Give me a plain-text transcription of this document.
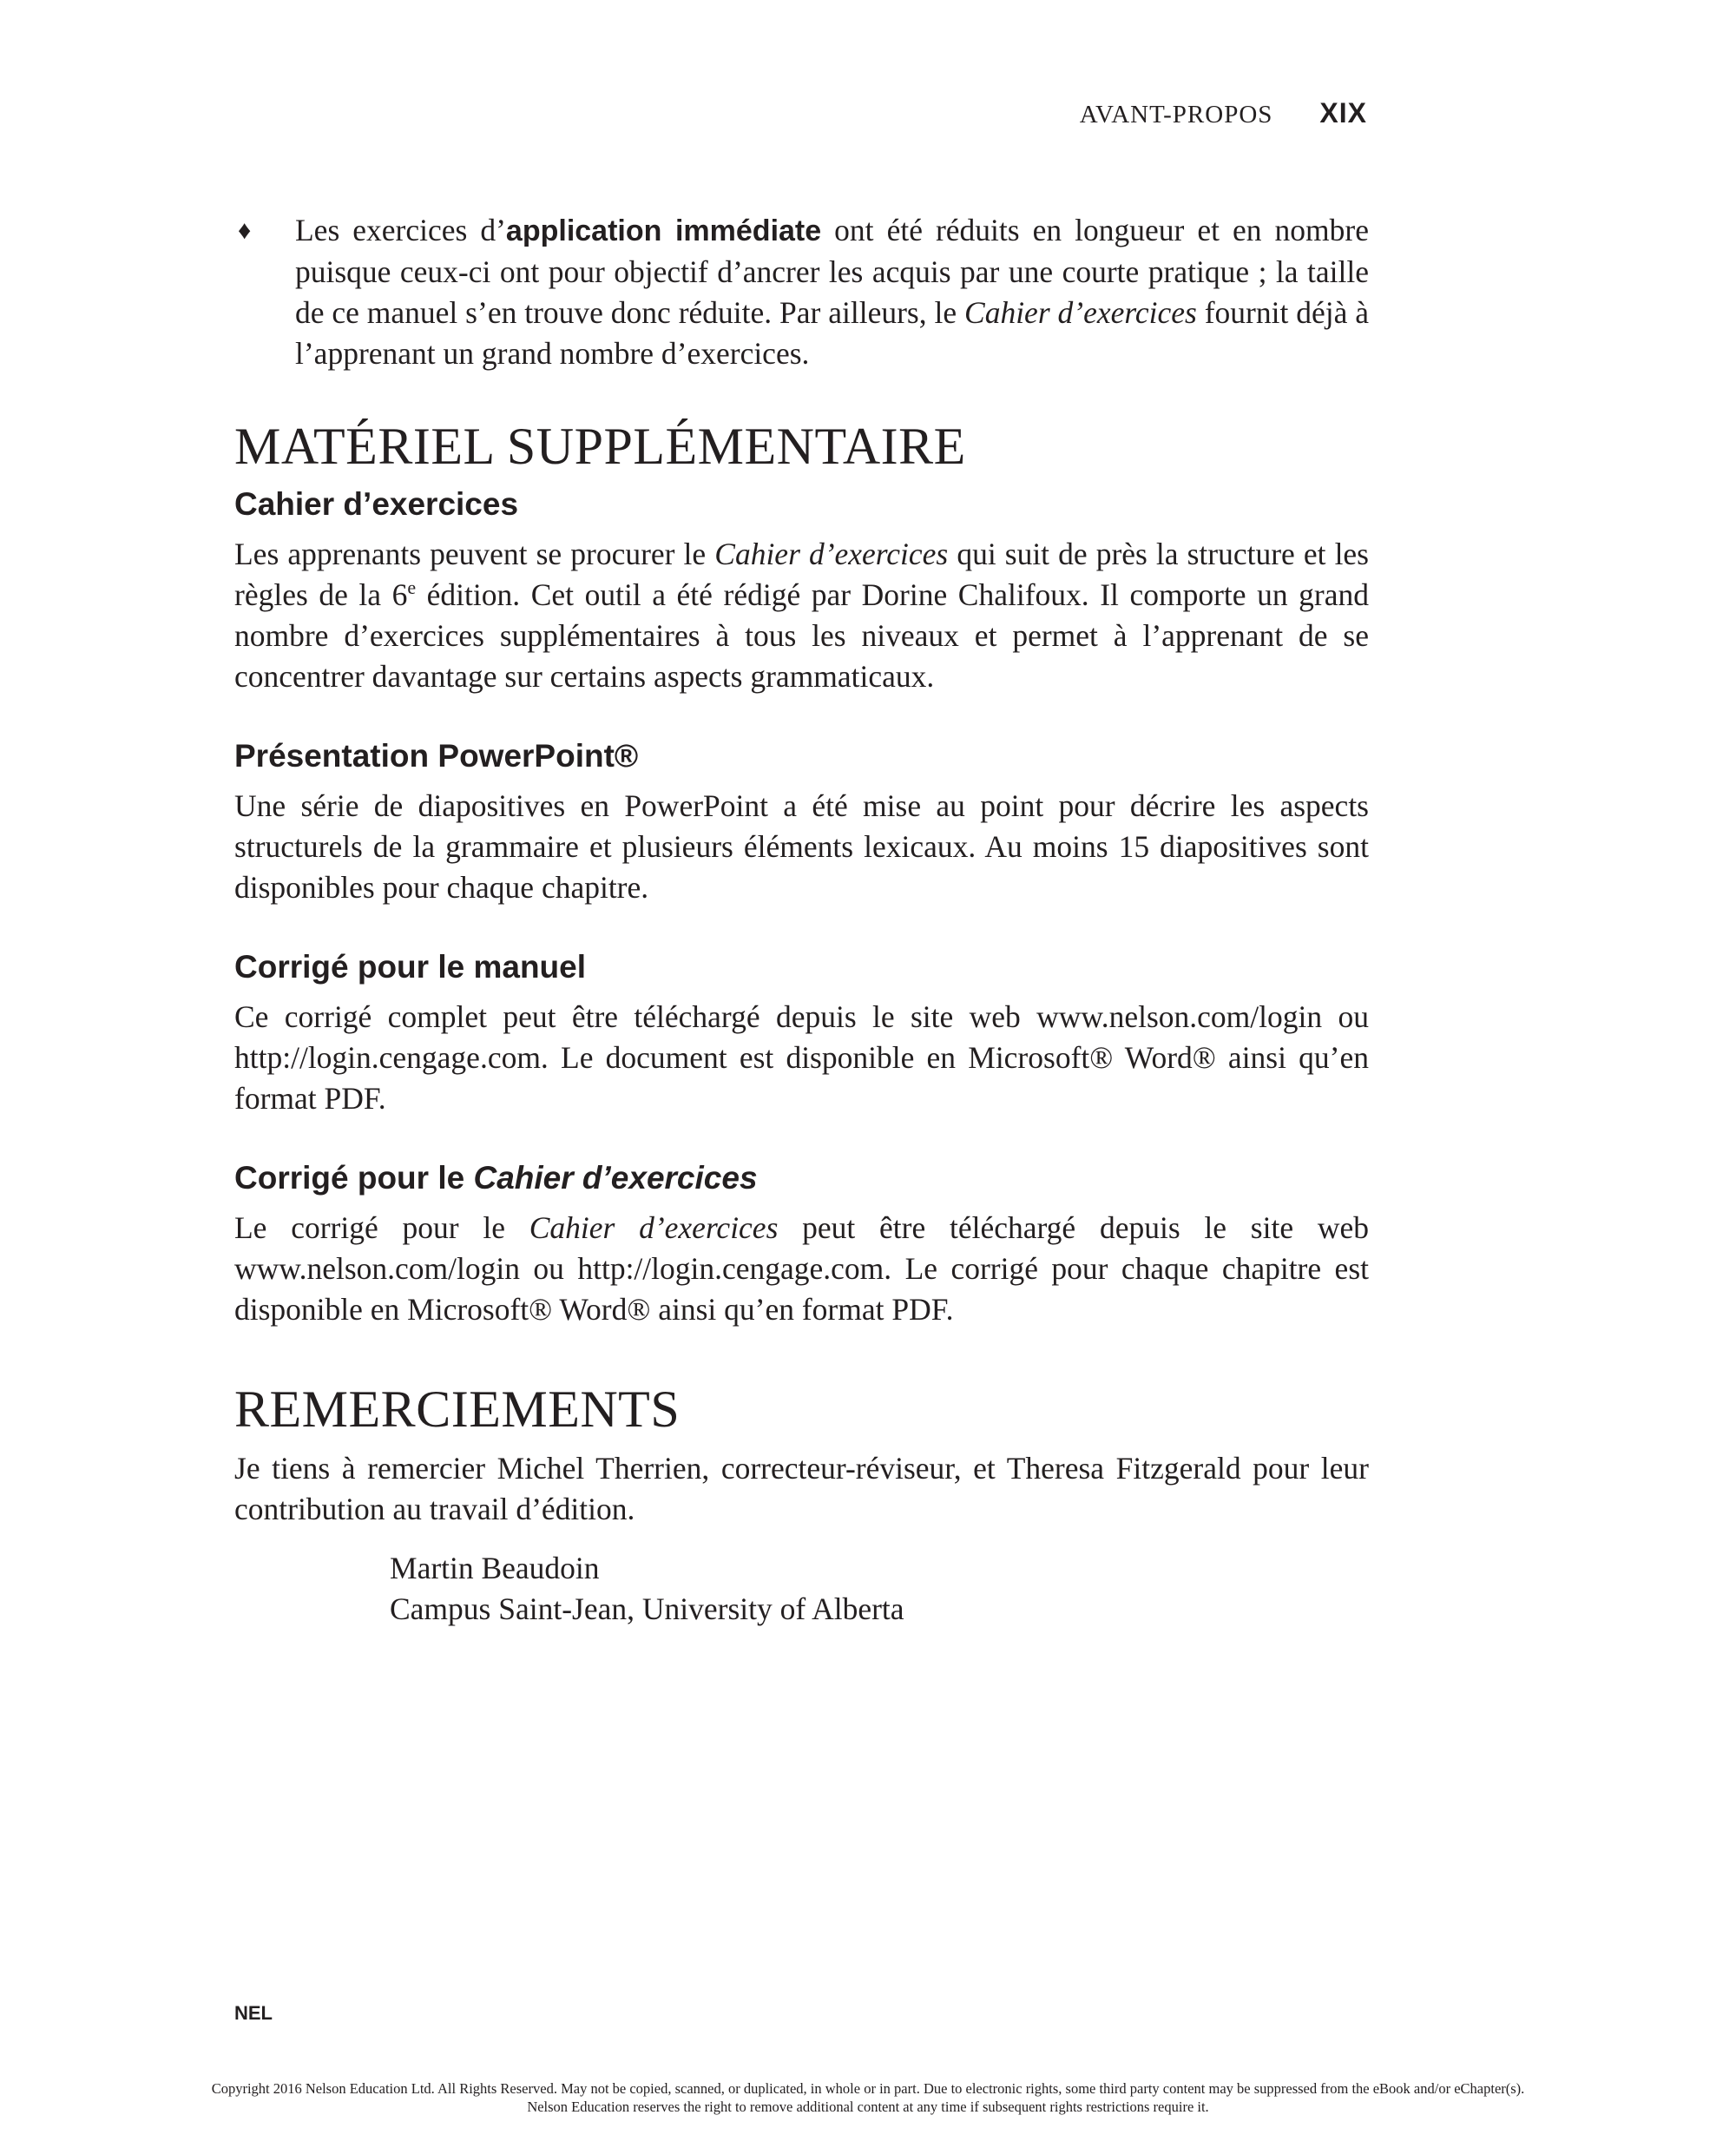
AVANT-PROPOS XIX
♦	Les exercices d’application immédiate ont été réduits en longueur et en nombre puisque ceux-ci ont pour objectif d’ancrer les acquis par une courte pratique ; la taille de ce manuel s’en trouve donc réduite. Par ailleurs, le Cahier d’exercices fournit déjà à l’apprenant un grand nombre d’exercices.

MATÉRIEL SUPPLÉMENTAIRE
Cahier d’exercices

Les apprenants peuvent se procurer le Cahier d’exercices qui suit de près la structure et les règles de la 6e édition. Cet outil a été rédigé par Dorine Chalifoux. Il comporte un grand nombre d’exercices supplémentaires à tous les niveaux et permet à l’apprenant de se concentrer davantage sur certains aspects grammaticaux.

Présentation PowerPoint®

Une série de diapositives en PowerPoint a été mise au point pour décrire les aspects structurels de la grammaire et plusieurs éléments lexicaux. Au moins 15 diapositives sont disponibles pour chaque chapitre.

Corrigé pour le manuel

Ce corrigé complet peut être téléchargé depuis le site web www.nelson.com/login ou http://login.cengage.com. Le document est disponible en Microsoft® Word® ainsi qu’en format PDF.

Corrigé pour le Cahier d’exercices

Le corrigé pour le Cahier d’exercices peut être téléchargé depuis le site web www.nelson.com/login ou http://login.cengage.com. Le corrigé pour chaque chapitre est disponible en Microsoft® Word® ainsi qu’en format PDF.

REMERCIEMENTS

Je tiens à remercier Michel Therrien, correcteur-réviseur, et Theresa Fitzgerald pour leur contribution au travail d’édition.

Martin Beaudoin
Campus Saint-Jean, University of Alberta
NEL
Copyright 2016 Nelson Education Ltd. All Rights Reserved. May not be copied, scanned, or duplicated, in whole or in part. Due to electronic rights, some third party content may be suppressed from the eBook and/or eChapter(s).
Nelson Education reserves the right to remove additional content at any time if subsequent rights restrictions require it.
